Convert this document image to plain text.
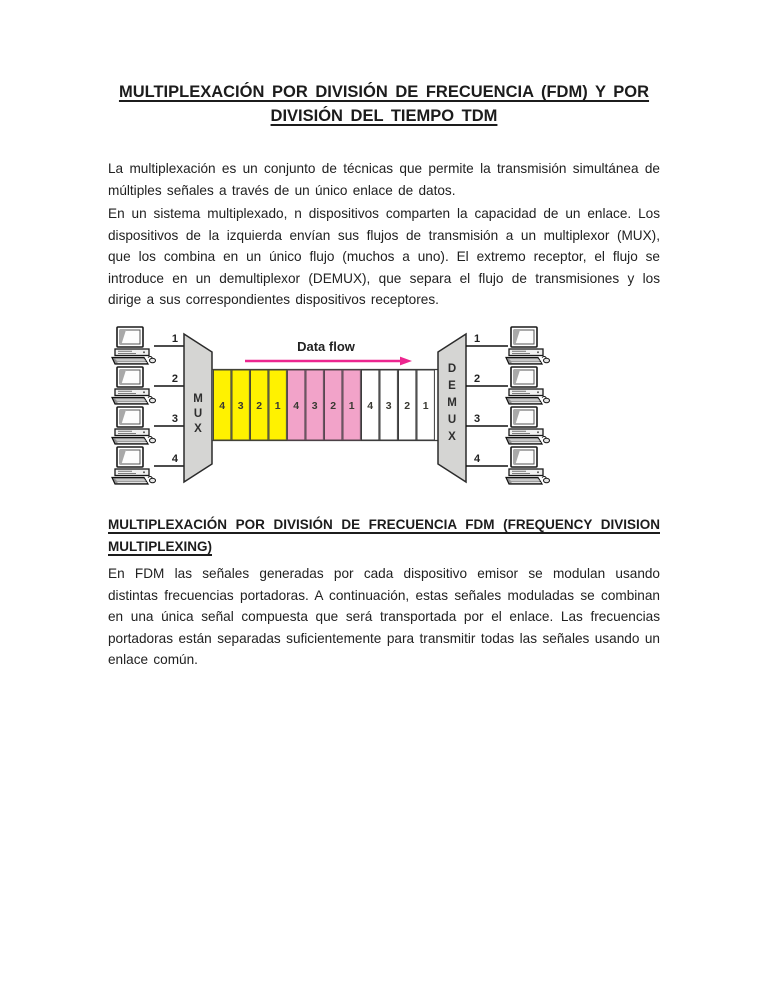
MULTIPLEXACIÓN POR DIVISIÓN DE FRECUENCIA (FDM) Y POR
DIVISIÓN DEL TIEMPO TDM
La multiplexación es un conjunto de técnicas que permite la transmisión simultánea de múltiples señales a través de un único enlace de datos.
En un sistema multiplexado, n dispositivos comparten la capacidad de un enlace. Los dispositivos de la izquierda envían sus flujos de transmisión a un multiplexor (MUX), que los combina en un único flujo (muchos a uno). El extremo receptor, el flujo se introduce en un demultiplexor (DEMUX), que separa el flujo de transmisiones y los dirige a sus correspondientes dispositivos receptores.
1
2
3
4
M
U
X
4 3 2 1 4 3 2 1 4 3 2 1
Data flow
D
E
M
U
X
1
2
3
4
MULTIPLEXACIÓN POR DIVISIÓN DE FRECUENCIA FDM (FREQUENCY DIVISION MULTIPLEXING)
En FDM las señales generadas por cada dispositivo emisor se modulan usando distintas frecuencias portadoras. A continuación, estas señales moduladas se combinan en una única señal compuesta que será transportada por el enlace. Las frecuencias portadoras están separadas suficientemente para transmitir todas las señales usando un enlace común.
